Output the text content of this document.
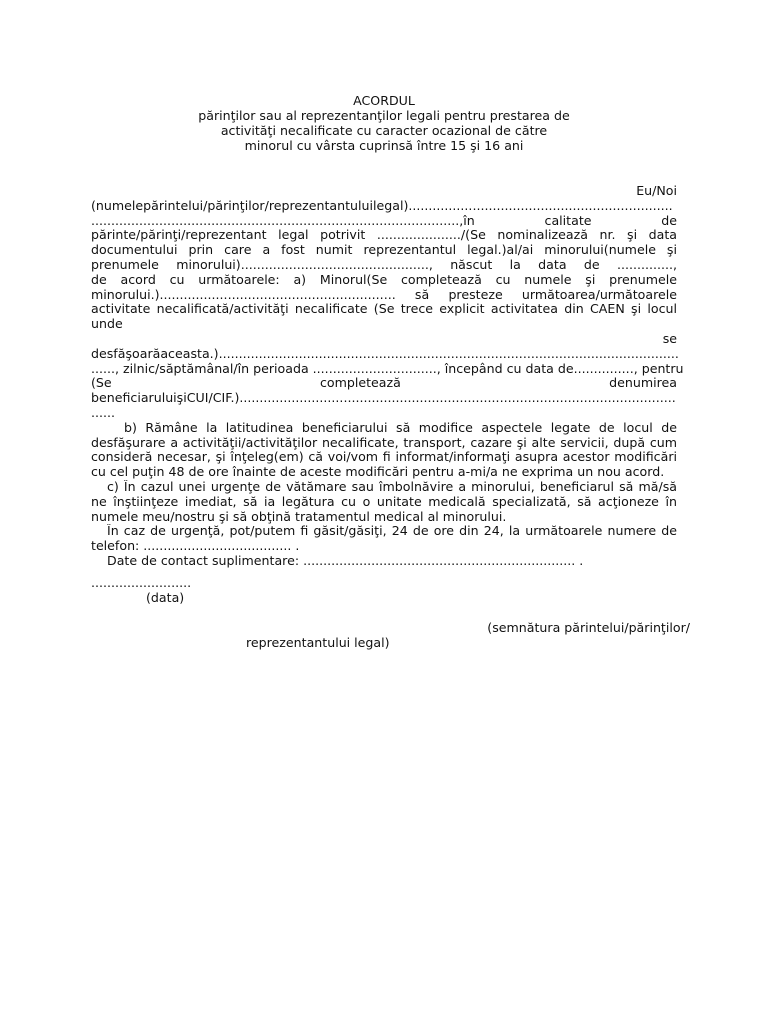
ACORDUL
părinţilor sau al reprezentanţilor legali pentru prestarea de
activităţi necalificate cu caracter ocazional de către
minorul cu vârsta cuprinsă între 15 şi 16 ani
Eu/Noi
(numelepărintelui/părinţilor/reprezentantuluilegal)..................................................................
............................................................................................,în calitate de
părinte/părinţi/reprezentant legal potrivit ...................../(Se nominalizează nr. şi data
documentului prin care a fost numit reprezentantul legal.)al/ai minorului(numele şi
prenumele minorului)..............................................., născut la data de ..............,
de acord cu următoarele: a) Minorul(Se completează cu numele şi prenumele
minorului.)........................................................... să presteze următoarea/următoarele
activitate necalificată/activităţi necalificate (Se trece explicit activitatea din CAEN şi locul
unde
se
desfăşoarăaceasta.)...................................................................................................................
......, zilnic/săptămânal/în perioada ..............................., începând cu data de..............., pentru
(Se completează denumirea
beneficiaruluişiCUI/CIF.).............................................................................................................
......
b) Rămâne la latitudinea beneficiarului să modifice aspectele legate de locul de
desfăşurare a activităţii/activităţilor necalificate, transport, cazare şi alte servicii, după cum
consideră necesar, şi înţeleg(em) că voi/vom fi informat/informaţi asupra acestor modificări
cu cel puţin 48 de ore înainte de aceste modificări pentru a-mi/a ne exprima un nou acord.
c) În cazul unei urgenţe de vătămare sau îmbolnăvire a minorului, beneficiarul să mă/să
ne înştiinţeze imediat, să ia legătura cu o unitate medicală specializată, să acţioneze în
numele meu/nostru şi să obţină tratamentul medical al minorului.
În caz de urgenţă, pot/putem fi găsit/găsiţi, 24 de ore din 24, la următoarele numere de
telefon: ..................................... .
Date de contact suplimentare: .................................................................... .
.........................
(data)
(semnătura părintelui/părinţilor/
reprezentantului legal)
